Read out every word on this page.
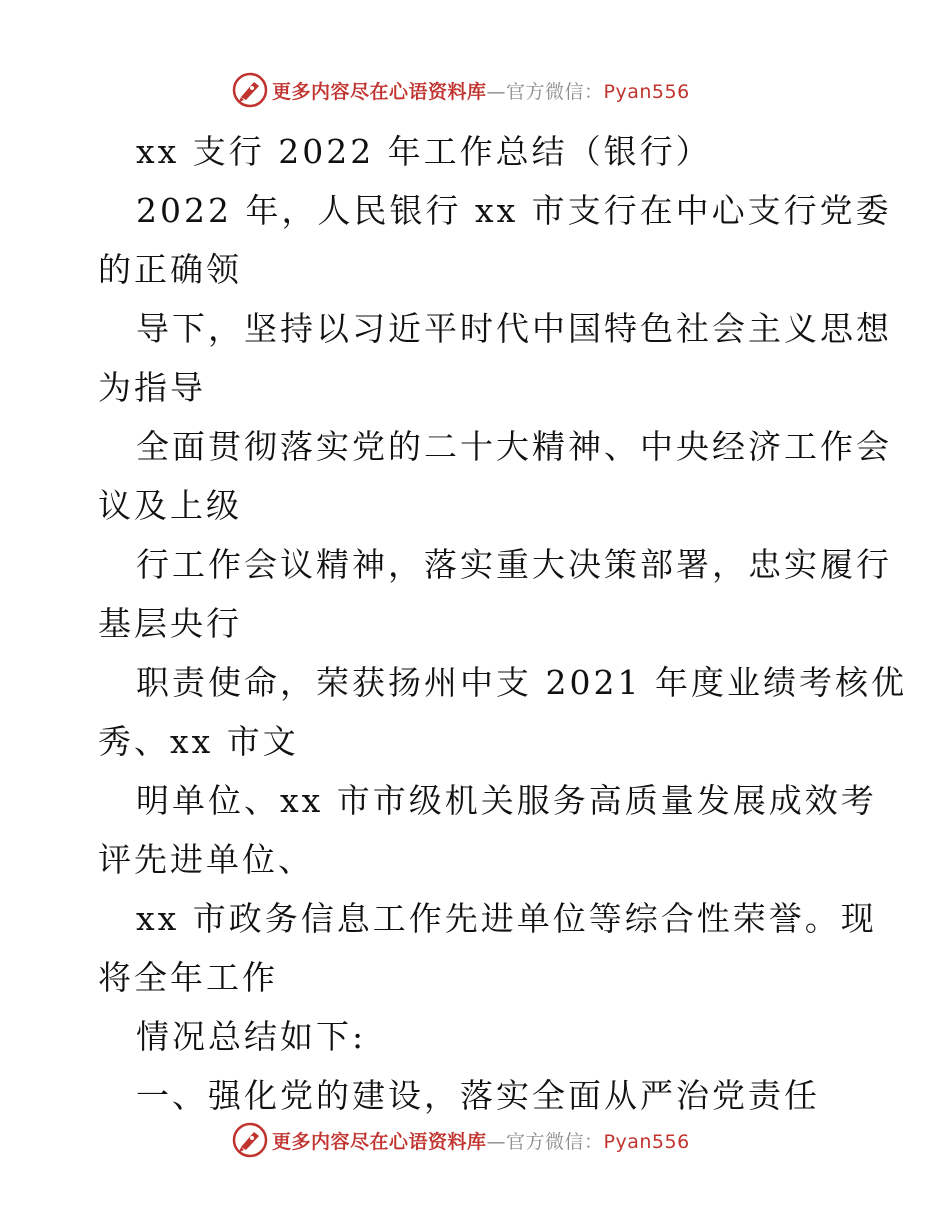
更多内容尽在心语资料库—官方微信：Pyan556
xx 支行 2022 年工作总结（银行）
2022 年，人民银行 xx 市支行在中心支行党委
的正确领
导下，坚持以习近平时代中国特色社会主义思想
为指导
全面贯彻落实党的二十大精神、中央经济工作会
议及上级
行工作会议精神，落实重大决策部署，忠实履行
基层央行
职责使命，荣获扬州中支 2021 年度业绩考核优
秀、xx 市文
明单位、xx 市市级机关服务高质量发展成效考
评先进单位、
xx 市政务信息工作先进单位等综合性荣誉。现
将全年工作
情况总结如下:
一、强化党的建设，落实全面从严治党责任
更多内容尽在心语资料库—官方微信：Pyan556
